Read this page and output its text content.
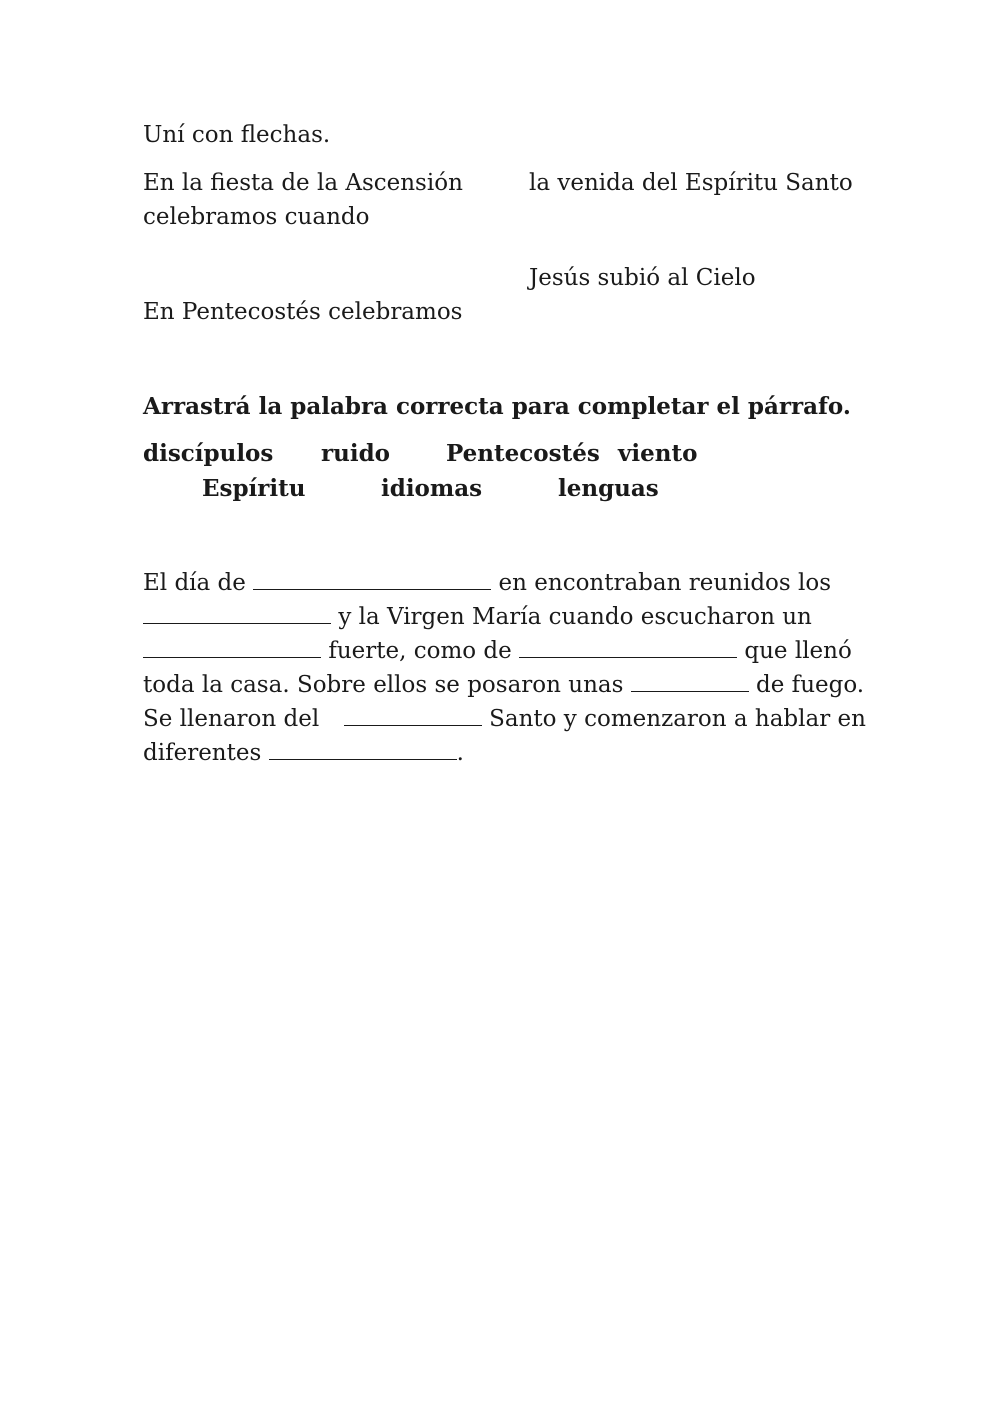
Uní con flechas.
En la fiesta de la Ascensión
celebramos cuando
En Pentecostés celebramos
la venida del Espíritu Santo
Jesús subió al Cielo
Arrastrá la palabra correcta para completar el párrafo.
discípulos ruido Pentecostés viento
Espíritu	idiomas	lenguas
El día de	en encontraban reunidos los
y la Virgen María cuando escucharon un
fuerte, como de	que llenó
toda la casa. Sobre ellos se posaron unas	de fuego.
Se llenaron del	Santo y comenzaron a hablar en
diferentes	.
